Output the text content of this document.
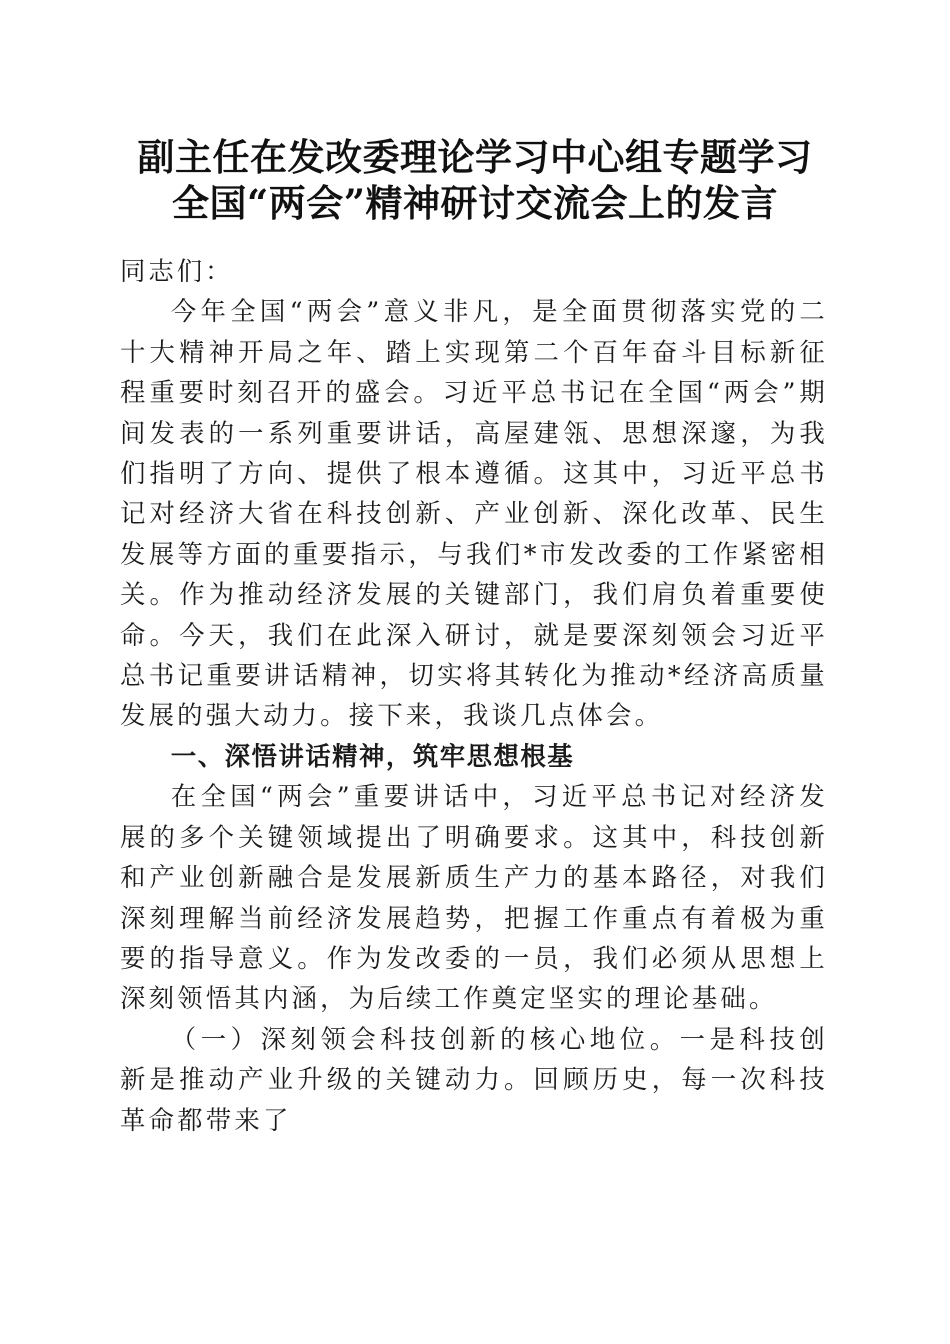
副主任在发改委理论学习中心组专题学习全国“两会”精神研讨交流会上的发言

同志们：

今年全国“两会”意义非凡，是全面贯彻落实党的二十大精神开局之年、踏上实现第二个百年奋斗目标新征程重要时刻召开的盛会。习近平总书记在全国“两会”期间发表的一系列重要讲话，高屋建瓴、思想深邃，为我们指明了方向、提供了根本遵循。这其中，习近平总书记对经济大省在科技创新、产业创新、深化改革、民生发展等方面的重要指示，与我们*市发改委的工作紧密相关。作为推动经济发展的关键部门，我们肩负着重要使命。今天，我们在此深入研讨，就是要深刻领会习近平总书记重要讲话精神，切实将其转化为推动*经济高质量发展的强大动力。接下来，我谈几点体会。

一、深悟讲话精神，筑牢思想根基

在全国“两会”重要讲话中，习近平总书记对经济发展的多个关键领域提出了明确要求。这其中，科技创新和产业创新融合是发展新质生产力的基本路径，对我们深刻理解当前经济发展趋势，把握工作重点有着极为重要的指导意义。作为发改委的一员，我们必须从思想上深刻领悟其内涵，为后续工作奠定坚实的理论基础。

（一）深刻领会科技创新的核心地位。一是科技创新是推动产业升级的关键动力。回顾历史，每一次科技革命都带来了
